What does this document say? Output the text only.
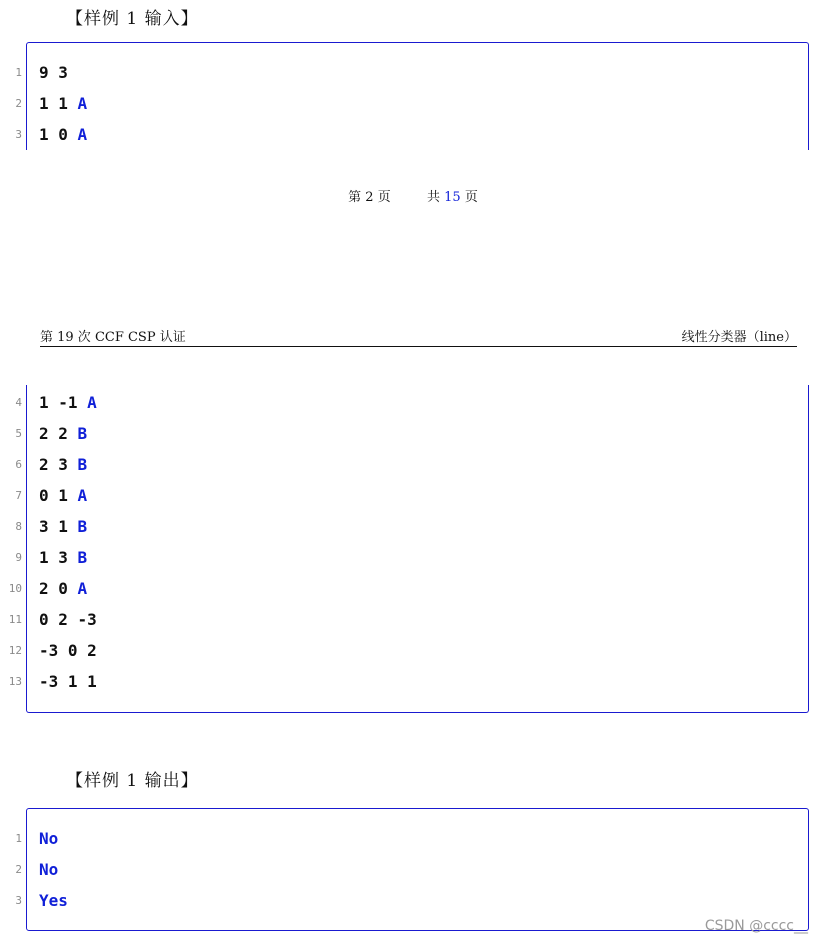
【样例 1 输入】
1 9 3
2 1 1 A
3 1 0 A
第 2 页	共 15 页
第 19 次 CCF CSP 认证	线性分类器（line）
4 1 -1 A
5 2 2 B
6 2 3 B
7 0 1 A
8 3 1 B
9 1 3 B
10 2 0 A
11 0 2 -3
12 -3 0 2
13 -3 1 1
【样例 1 输出】
1 No
2 No
3 Yes
CSDN @cccc__
